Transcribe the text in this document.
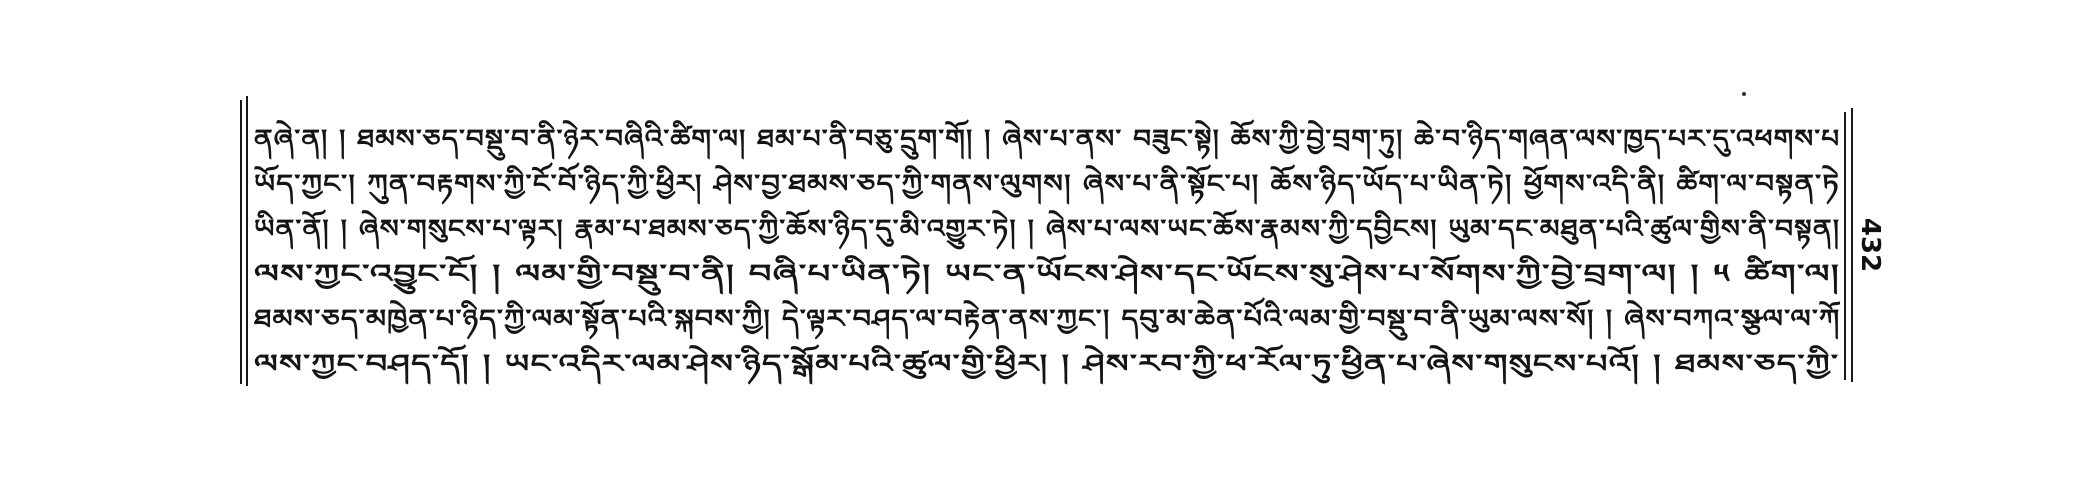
ནཞེ་ན། ། ཐམས་ཅད་བསྡུ་བ་ནི་ཉེར་བཞིའི་ཚིག་ལ། ཐམ་པ་ནི་བཅུ་དྲུག་གོ། ། ཞེས་པ་ནས་ བཟུང་སྟེ། ཆོས་ཀྱི་བྱེ་བྲག་ཏུ། ཆེ་བ་ཉིད་གཞན་ལས་ཁྱད་པར་དུ་འཕགས་པ
ཡོད་ཀྱང་། ཀུན་བརྟགས་ཀྱི་ངོ་བོ་ཉིད་ཀྱི་ཕྱིར། ཤེས་བྱ་ཐམས་ཅད་ཀྱི་གནས་ལུགས། ཞེས་པ་ནི་སྟོང་པ། ཆོས་ཉིད་ཡོད་པ་ཡིན་ཏེ། ཕྱོགས་འདི་ནི། ཚིག་ལ་བསྟན་ཏེ
ཡིན་ནོ། ། ཞེས་གསུངས་པ་ལྟར། རྣམ་པ་ཐམས་ཅད་ཀྱི་ཆོས་ཉིད་དུ་མི་འགྱུར་ཏེ། ། ཞེས་པ་ལས་ཡང་ཆོས་རྣམས་ཀྱི་དབྱིངས། ཡུམ་དང་མཐུན་པའི་ཚུལ་གྱིས་ནི་བསྟན།
ལས་ཀྱང་འབྱུང་ངོ། ། ལམ་གྱི་བསྡུ་བ་ནི། བཞི་པ་ཡིན་ཏེ། ཡང་ན་ཡོངས་ཤེས་དང་ཡོངས་སུ་ཤེས་པ་སོགས་ཀྱི་བྱེ་བྲག་ལ། ། ༥ ཚིག་ལ།
ཐམས་ཅད་མཁྱེན་པ་ཉིད་ཀྱི་ལམ་སྟོན་པའི་སྐབས་ཀྱི། དེ་ལྟར་བཤད་ལ་བརྟེན་ནས་ཀྱང་། དབུ་མ་ཆེན་པོའི་ལམ་གྱི་བསྡུ་བ་ནི་ཡུམ་ལས་སོ། ། ཞེས་བཀའ་སྩལ་ལ་ཀོ
ལས་ཀྱང་བཤད་དོ། ། ཡང་འདིར་ལམ་ཤེས་ཉིད་སྒོམ་པའི་ཚུལ་གྱི་ཕྱིར། ། ཤེས་རབ་ཀྱི་ཕ་རོལ་ཏུ་ཕྱིན་པ་ཞེས་གསུངས་པའོ། ། ཐམས་ཅད་ཀྱི་
432
